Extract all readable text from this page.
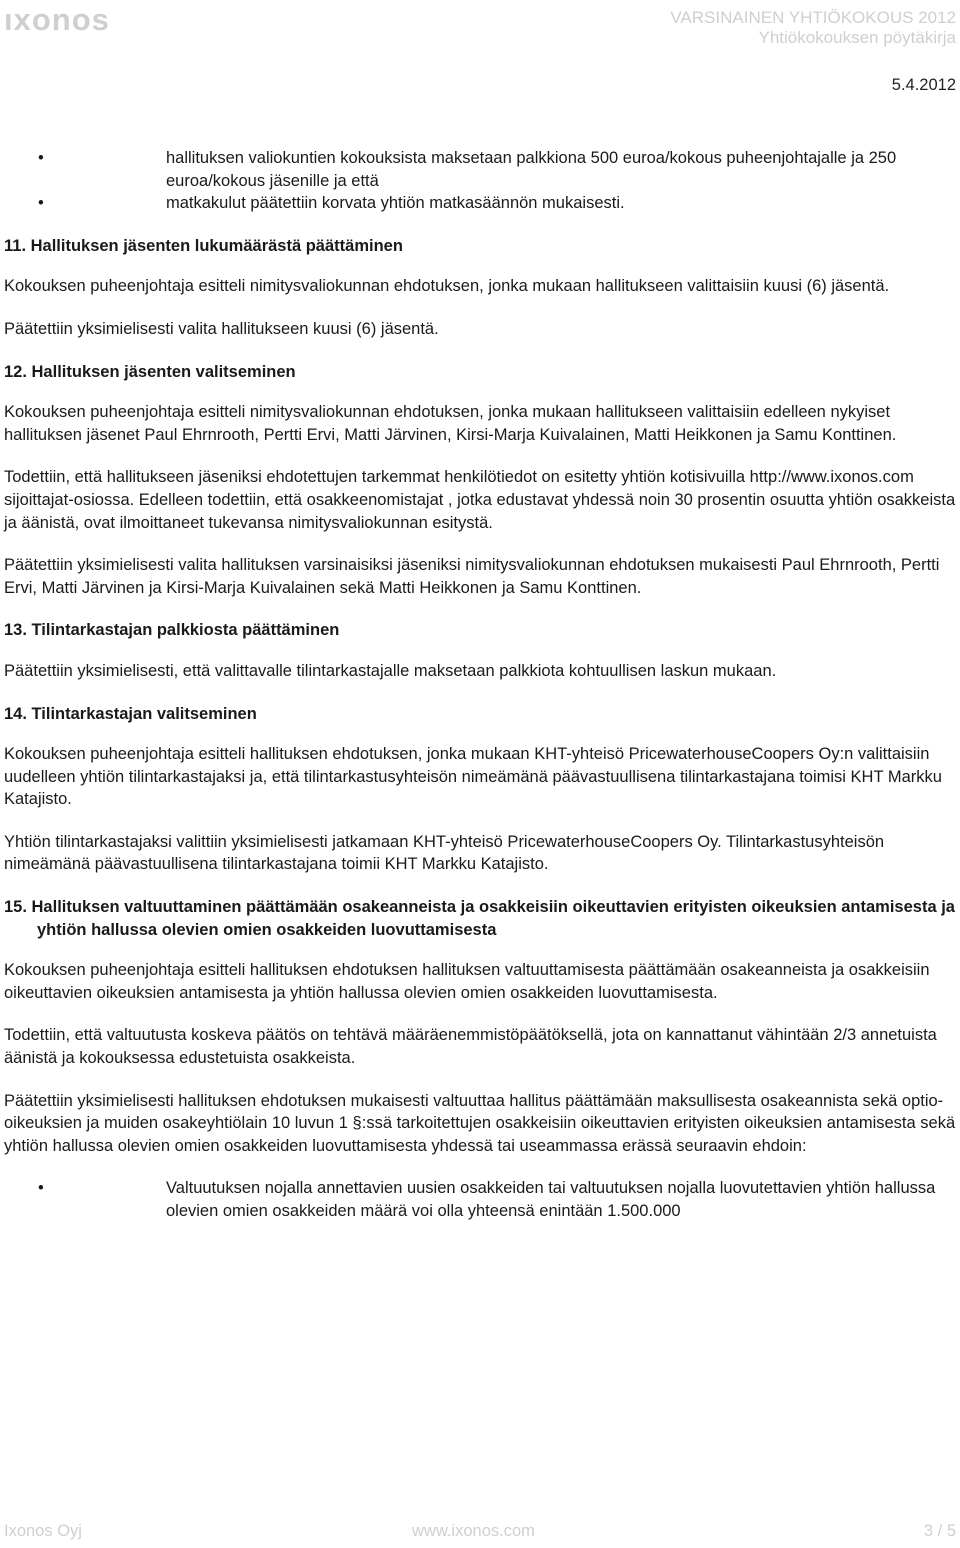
ıxonos	VARSINAINEN YHTIÖKOKOUS 2012
Yhtiökokouksen pöytäkirja
5.4.2012
•	hallituksen valiokuntien kokouksista maksetaan palkkiona 500 euroa/kokous puheenjohtajalle ja 250 euroa/kokous jäsenille ja että
•	matkakulut päätettiin korvata yhtiön matkasäännön mukaisesti.
11. Hallituksen jäsenten lukumäärästä päättäminen

Kokouksen puheenjohtaja esitteli nimitysvaliokunnan ehdotuksen, jonka mukaan hallitukseen valittaisiin kuusi (6) jäsentä.

Päätettiin yksimielisesti valita hallitukseen kuusi (6) jäsentä.

12. Hallituksen jäsenten valitseminen

Kokouksen puheenjohtaja esitteli nimitysvaliokunnan ehdotuksen, jonka mukaan hallitukseen valittaisiin edelleen nykyiset hallituksen jäsenet Paul Ehrnrooth, Pertti Ervi, Matti Järvinen, Kirsi-Marja Kuivalainen, Matti Heikkonen ja Samu Konttinen.

Todettiin, että hallitukseen jäseniksi ehdotettujen tarkemmat henkilötiedot on esitetty yhtiön kotisivuilla http://www.ixonos.com sijoittajat-osiossa. Edelleen todettiin, että osakkeenomistajat , jotka edustavat yhdessä noin 30 prosentin osuutta yhtiön osakkeista ja äänistä, ovat ilmoittaneet tukevansa nimitysvaliokunnan esitystä.

Päätettiin yksimielisesti valita hallituksen varsinaisiksi jäseniksi nimitysvaliokunnan ehdotuksen mukaisesti Paul Ehrnrooth, Pertti Ervi, Matti Järvinen ja Kirsi-Marja Kuivalainen sekä Matti Heikkonen ja Samu Konttinen.

13. Tilintarkastajan palkkiosta päättäminen

Päätettiin yksimielisesti, että valittavalle tilintarkastajalle maksetaan palkkiota kohtuullisen laskun mukaan.

14. Tilintarkastajan valitseminen

Kokouksen puheenjohtaja esitteli hallituksen ehdotuksen, jonka mukaan KHT-yhteisö PricewaterhouseCoopers Oy:n valittaisiin uudelleen yhtiön tilintarkastajaksi ja, että tilintarkastusyhteisön nimeämänä päävastuullisena tilintarkastajana toimisi KHT Markku Katajisto.

Yhtiön tilintarkastajaksi valittiin yksimielisesti jatkamaan KHT-yhteisö PricewaterhouseCoopers Oy. Tilintarkastusyhteisön nimeämänä päävastuullisena tilintarkastajana toimii KHT Markku Katajisto.

15. Hallituksen valtuuttaminen päättämään osakeanneista ja osakkeisiin oikeuttavien erityisten oikeuksien antamisesta ja yhtiön hallussa olevien omien osakkeiden luovuttamisesta

Kokouksen puheenjohtaja esitteli hallituksen ehdotuksen hallituksen valtuuttamisesta päättämään osakeanneista ja osakkeisiin oikeuttavien oikeuksien antamisesta ja yhtiön hallussa olevien omien osakkeiden luovuttamisesta.

Todettiin, että valtuutusta koskeva päätös on tehtävä määräenemmistöpäätöksellä, jota on kannattanut vähintään 2/3 annetuista äänistä ja kokouksessa edustetuista osakkeista.

Päätettiin yksimielisesti hallituksen ehdotuksen mukaisesti valtuuttaa hallitus päättämään maksullisesta osakeannista sekä optio-oikeuksien ja muiden osakeyhtiölain 10 luvun 1 §:ssä tarkoitettujen osakkeisiin oikeuttavien erityisten oikeuksien antamisesta sekä yhtiön hallussa olevien omien osakkeiden luovuttamisesta yhdessä tai useammassa erässä seuraavin ehdoin:

•	Valtuutuksen nojalla annettavien uusien osakkeiden tai valtuutuksen nojalla luovutettavien yhtiön hallussa olevien omien osakkeiden määrä voi olla yhteensä enintään 1.500.000
Ixonos Oyj	www.ixonos.com	3 / 5
